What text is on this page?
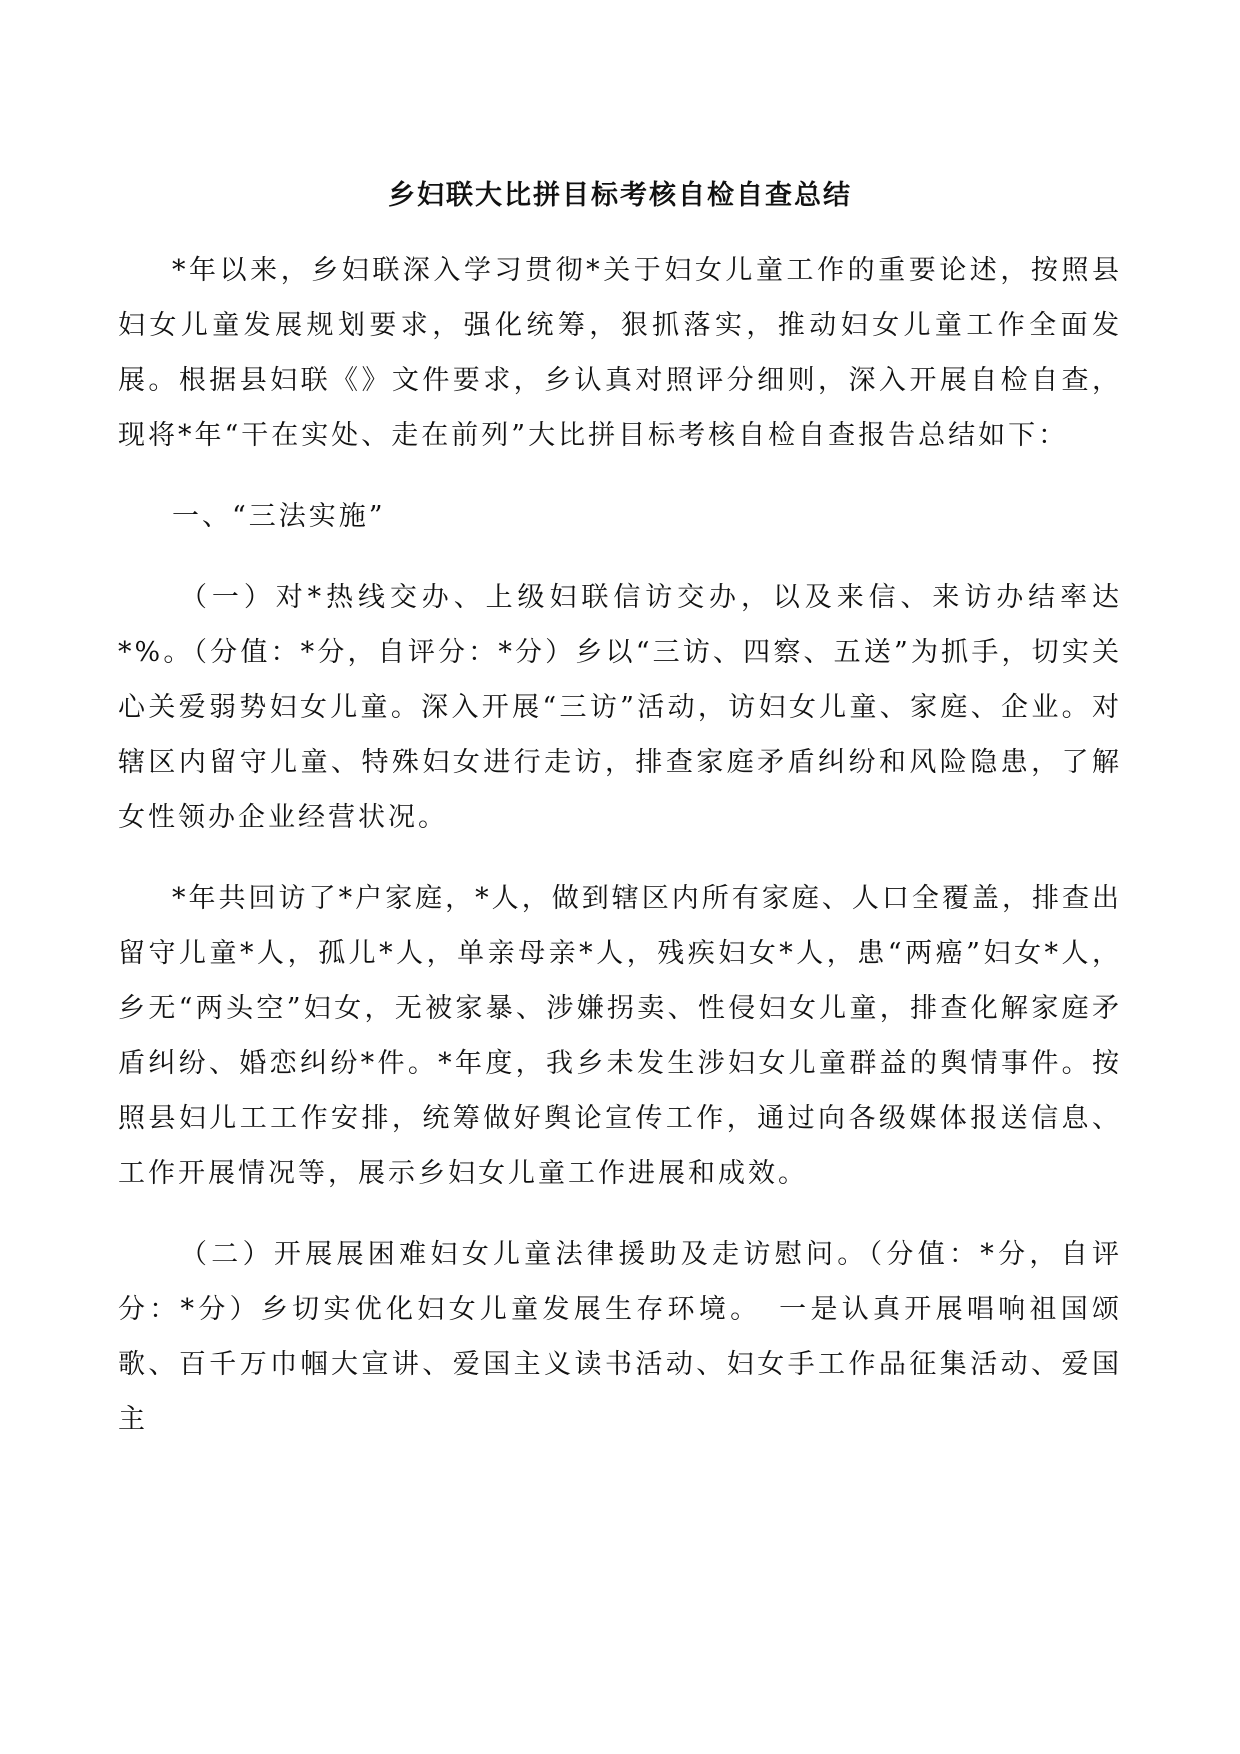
乡妇联大比拼目标考核自检自查总结

*年以来，乡妇联深入学习贯彻*关于妇女儿童工作的重要论述，按照县妇女儿童发展规划要求，强化统筹，狠抓落实，推动妇女儿童工作全面发展。根据县妇联《》文件要求，乡认真对照评分细则，深入开展自检自查，现将*年“干在实处、走在前列”大比拼目标考核自检自查报告总结如下：

一、“三法实施”

（一）对*热线交办、上级妇联信访交办，以及来信、来访办结率达*%。（分值：*分，自评分：*分）乡以“三访、四察、五送”为抓手，切实关心关爱弱势妇女儿童。深入开展“三访”活动，访妇女儿童、家庭、企业。对辖区内留守儿童、特殊妇女进行走访，排查家庭矛盾纠纷和风险隐患，了解女性领办企业经营状况。

*年共回访了*户家庭，*人，做到辖区内所有家庭、人口全覆盖，排查出留守儿童*人，孤儿*人，单亲母亲*人，残疾妇女*人，患“两癌”妇女*人，乡无“两头空”妇女，无被家暴、涉嫌拐卖、性侵妇女儿童，排查化解家庭矛盾纠纷、婚恋纠纷*件。*年度，我乡未发生涉妇女儿童群益的舆情事件。按照县妇儿工工作安排，统筹做好舆论宣传工作，通过向各级媒体报送信息、工作开展情况等，展示乡妇女儿童工作进展和成效。

（二）开展展困难妇女儿童法律援助及走访慰问。（分值：*分，自评分：*分）乡切实优化妇女儿童发展生存环境。　一是认真开展唱响祖国颂歌、百千万巾帼大宣讲、爱国主义读书活动、妇女手工作品征集活动、爱国主
